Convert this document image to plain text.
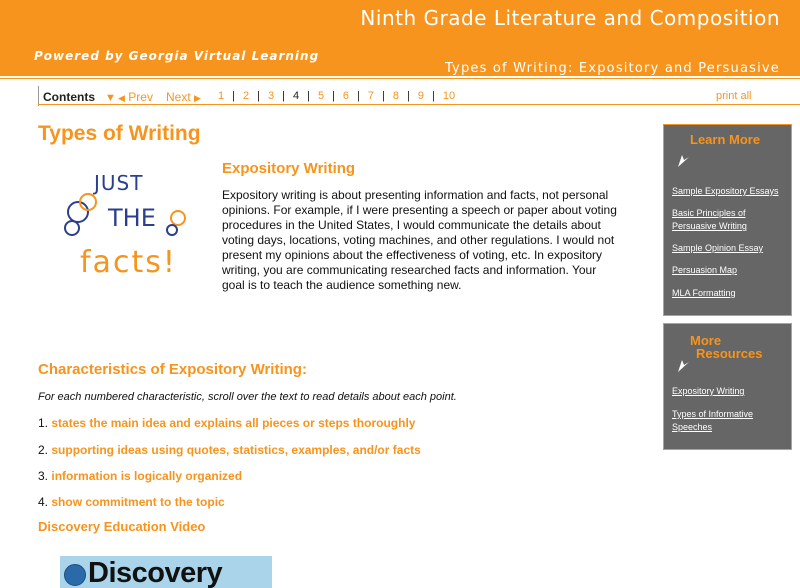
Ninth Grade Literature and Composition
Powered by Georgia Virtual Learning
Types of Writing: Expository and Persuasive
Contents ▼ ◀ Prev Next ▶	1 | 2 | 3 | 4 | 5 | 6 | 7 | 8 | 9 | 10	print all
Types of Writing
JUST
THE
facts!
Expository Writing
Expository writing is about presenting information and facts, not personal opinions. For example, if I were presenting a speech or paper about voting procedures in the United States, I would communicate the details about voting days, locations, voting machines, and other regulations. I would not present my opinions about the effectiveness of voting, etc. In expository writing, you are communicating researched facts and information. Your goal is to teach the audience something new.
Characteristics of Expository Writing:
For each numbered characteristic, scroll over the text to read details about each point.
1. states the main idea and explains all pieces or steps thoroughly
2. supporting ideas using quotes, statistics, examples, and/or facts
3. information is logically organized
4. show commitment to the topic
Discovery Education Video
Discovery
Learn More
Sample Expository Essays
Basic Principles of Persuasive Writing
Sample Opinion Essay
Persuasion Map
MLA Formatting
More
Resources
Expository Writing
Types of Informative Speeches
